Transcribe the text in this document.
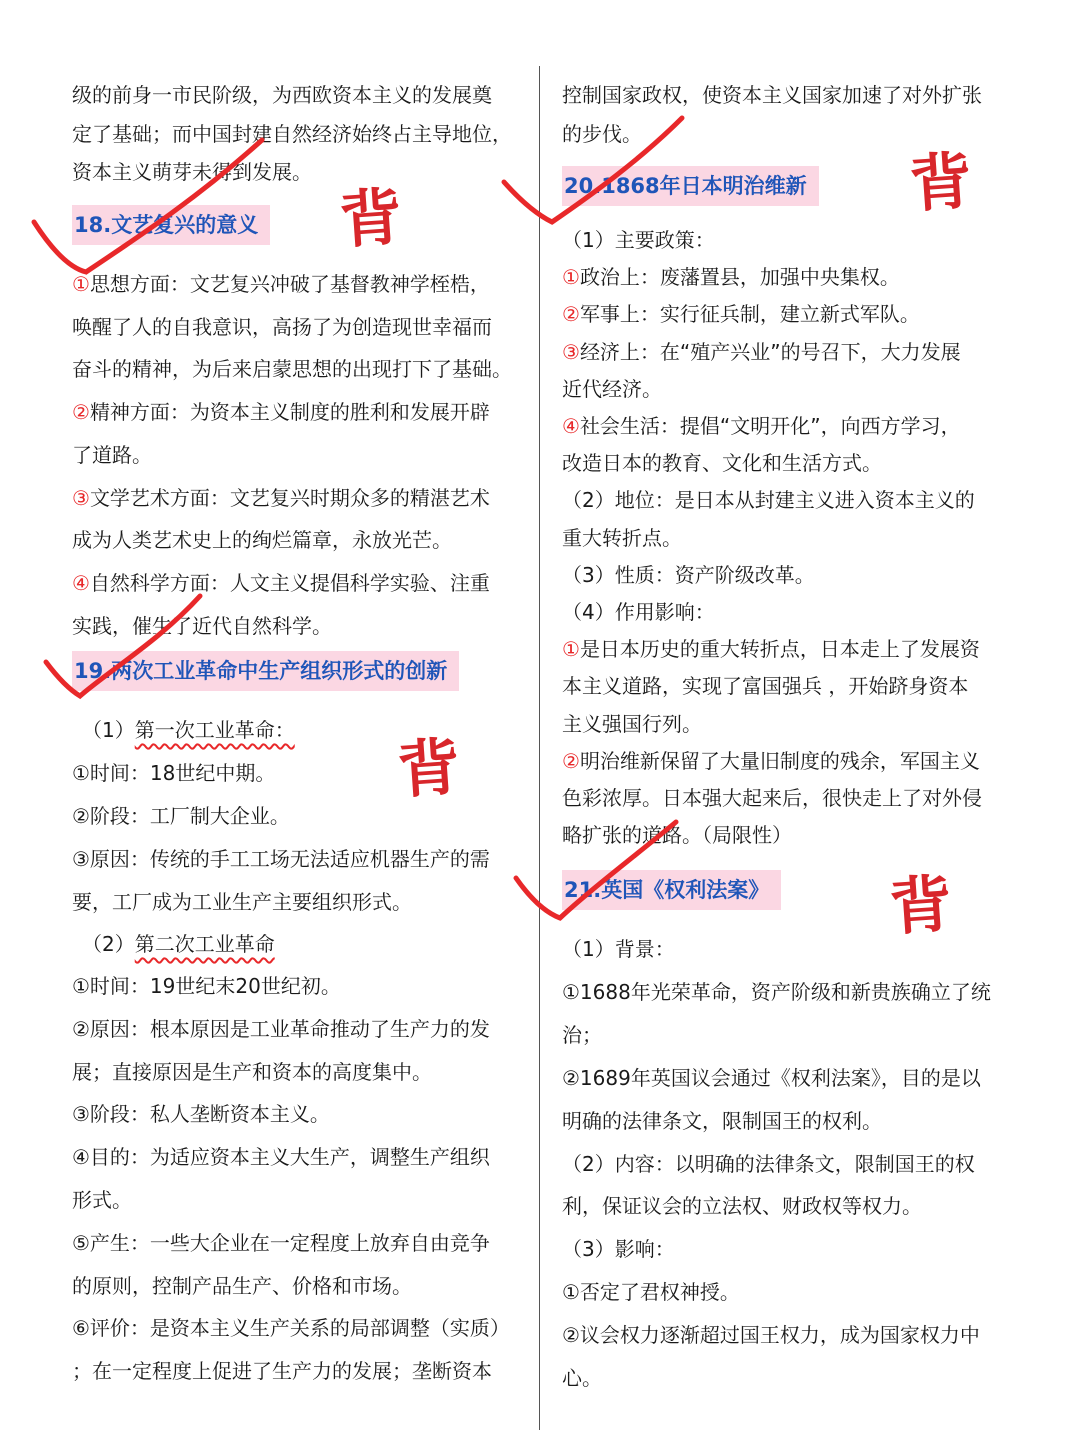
级的前身一市民阶级，为西欧资本主义的发展奠
定了基础；而中国封建自然经济始终占主导地位，
资本主义萌芽未得到发展。
18.文艺复兴的意义
①思想方面：文艺复兴冲破了基督教神学桎梏，
唤醒了人的自我意识，高扬了为创造现世幸福而
奋斗的精神，为后来启蒙思想的出现打下了基础。
②精神方面：为资本主义制度的胜利和发展开辟
了道路。
③文学艺术方面：文艺复兴时期众多的精湛艺术
成为人类艺术史上的绚烂篇章，永放光芒。
④自然科学方面：人文主义提倡科学实验、注重
实践，催生了近代自然科学。
19.两次工业革命中生产组织形式的创新
（1）第一次工业革命：
①时间：18世纪中期。
②阶段：工厂制大企业。
③原因：传统的手工工场无法适应机器生产的需
要，工厂成为工业生产主要组织形式。
（2）第二次工业革命
①时间：19世纪末20世纪初。
②原因：根本原因是工业革命推动了生产力的发
展；直接原因是生产和资本的高度集中。
③阶段：私人垄断资本主义。
④目的：为适应资本主义大生产，调整生产组织
形式。
⑤产生：一些大企业在一定程度上放弃自由竞争
的原则，控制产品生产、价格和市场。
⑥评价：是资本主义生产关系的局部调整（实质）
；在一定程度上促进了生产力的发展；垄断资本
控制国家政权，使资本主义国家加速了对外扩张
的步伐。
20.1868年日本明治维新
（1）主要政策：
①政治上：废藩置县，加强中央集权。
②军事上：实行征兵制，建立新式军队。
③经济上：在“殖产兴业”的号召下，大力发展
近代经济。
④社会生活：提倡“文明开化”，向西方学习，
改造日本的教育、文化和生活方式。
（2）地位：是日本从封建主义进入资本主义的
重大转折点。
（3）性质：资产阶级改革。
（4）作用影响：
①是日本历史的重大转折点，日本走上了发展资
本主义道路，实现了富国强兵 ，开始跻身资本
主义强国行列。
②明治维新保留了大量旧制度的残余，军国主义
色彩浓厚。日本强大起来后，很快走上了对外侵
略扩张的道路。（局限性）
21.英国《权利法案》
（1）背景：
①1688年光荣革命，资产阶级和新贵族确立了统
治；
②1689年英国议会通过《权利法案》，目的是以
明确的法律条文，限制国王的权利。
（2）内容：以明确的法律条文，限制国王的权
利，保证议会的立法权、财政权等权力。
（3）影响：
①否定了君权神授。
②议会权力逐渐超过国王权力，成为国家权力中
心。
背
背
背
背
